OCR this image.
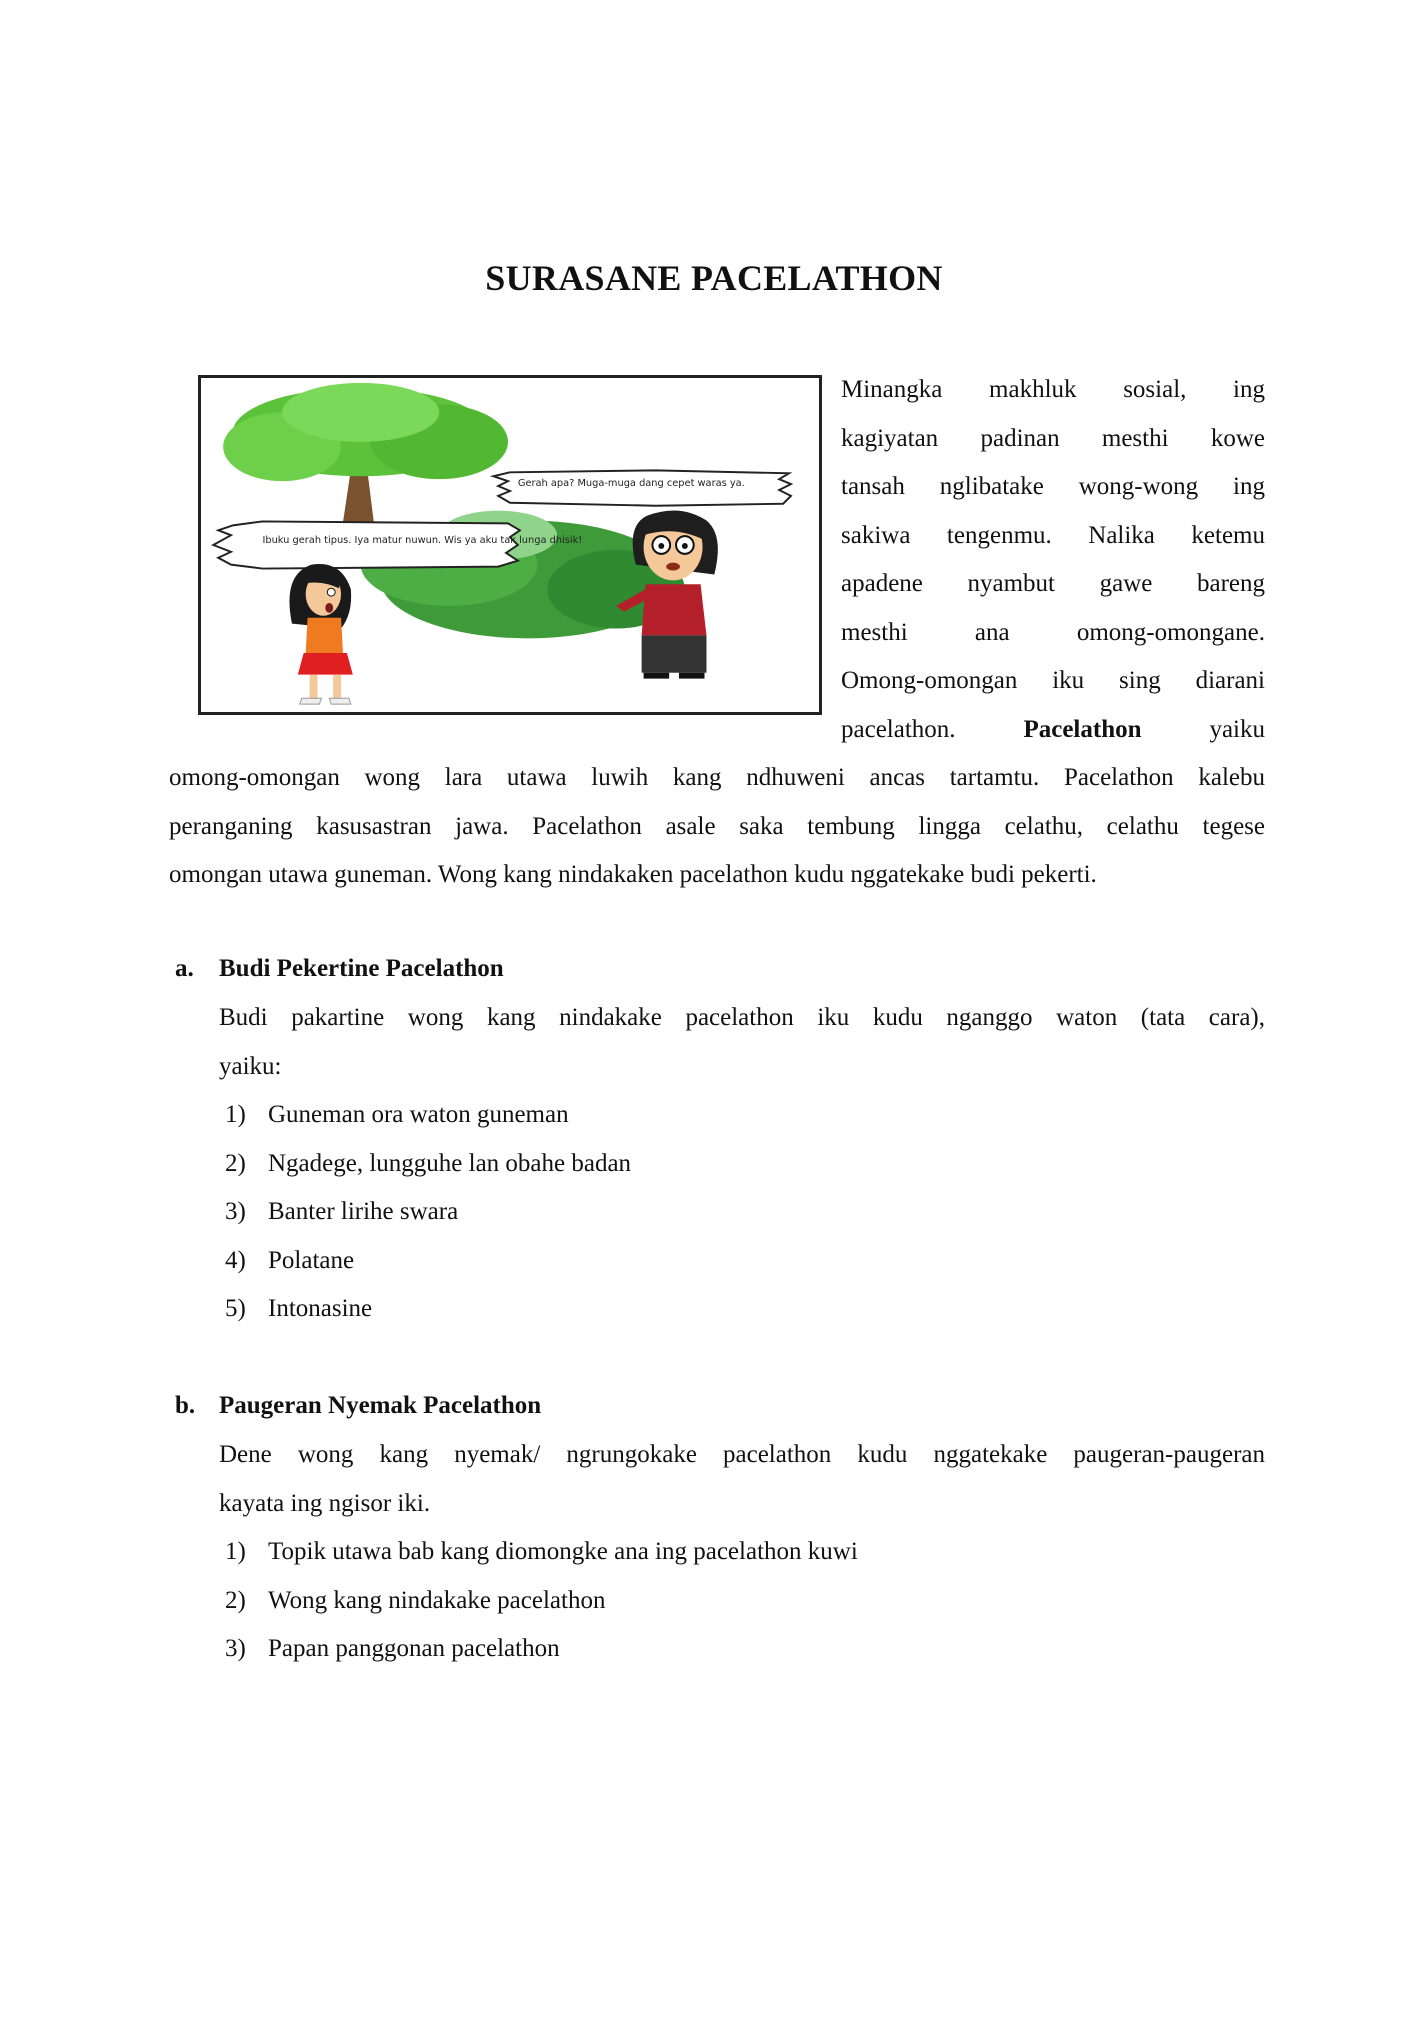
SURASANE PACELATHON
Gerah apa? Muga-muga dang cepet waras ya.
Ibuku gerah tipus. Iya matur nuwun. Wis ya aku tak lunga dhisik!
Minangka makhluk sosial, ing
kagiyatan padinan mesthi kowe
tansah nglibatake wong-wong ing
sakiwa tengenmu. Nalika ketemu
apadene nyambut gawe bareng
mesthi ana omong-omongane.
Omong-omongan iku sing diarani
pacelathon.	Pacelathon	yaiku
omong-omongan wong lara utawa luwih kang ndhuweni ancas tartamtu. Pacelathon kalebu
peranganing kasusastran jawa. Pacelathon asale saka tembung lingga celathu, celathu tegese
omongan utawa guneman. Wong kang nindakaken pacelathon kudu nggatekake budi pekerti.
a. Budi Pekertine Pacelathon
Budi pakartine wong kang nindakake pacelathon iku kudu nganggo waton (tata cara),
yaiku:
1) Guneman ora waton guneman
2) Ngadege, lungguhe lan obahe badan
3) Banter lirihe swara
4) Polatane
5) Intonasine
b. Paugeran Nyemak Pacelathon
Dene wong kang nyemak/ ngrungokake pacelathon kudu nggatekake paugeran-paugeran
kayata ing ngisor iki.
1) Topik utawa bab kang diomongke ana ing pacelathon kuwi
2) Wong kang nindakake pacelathon
3) Papan panggonan pacelathon
